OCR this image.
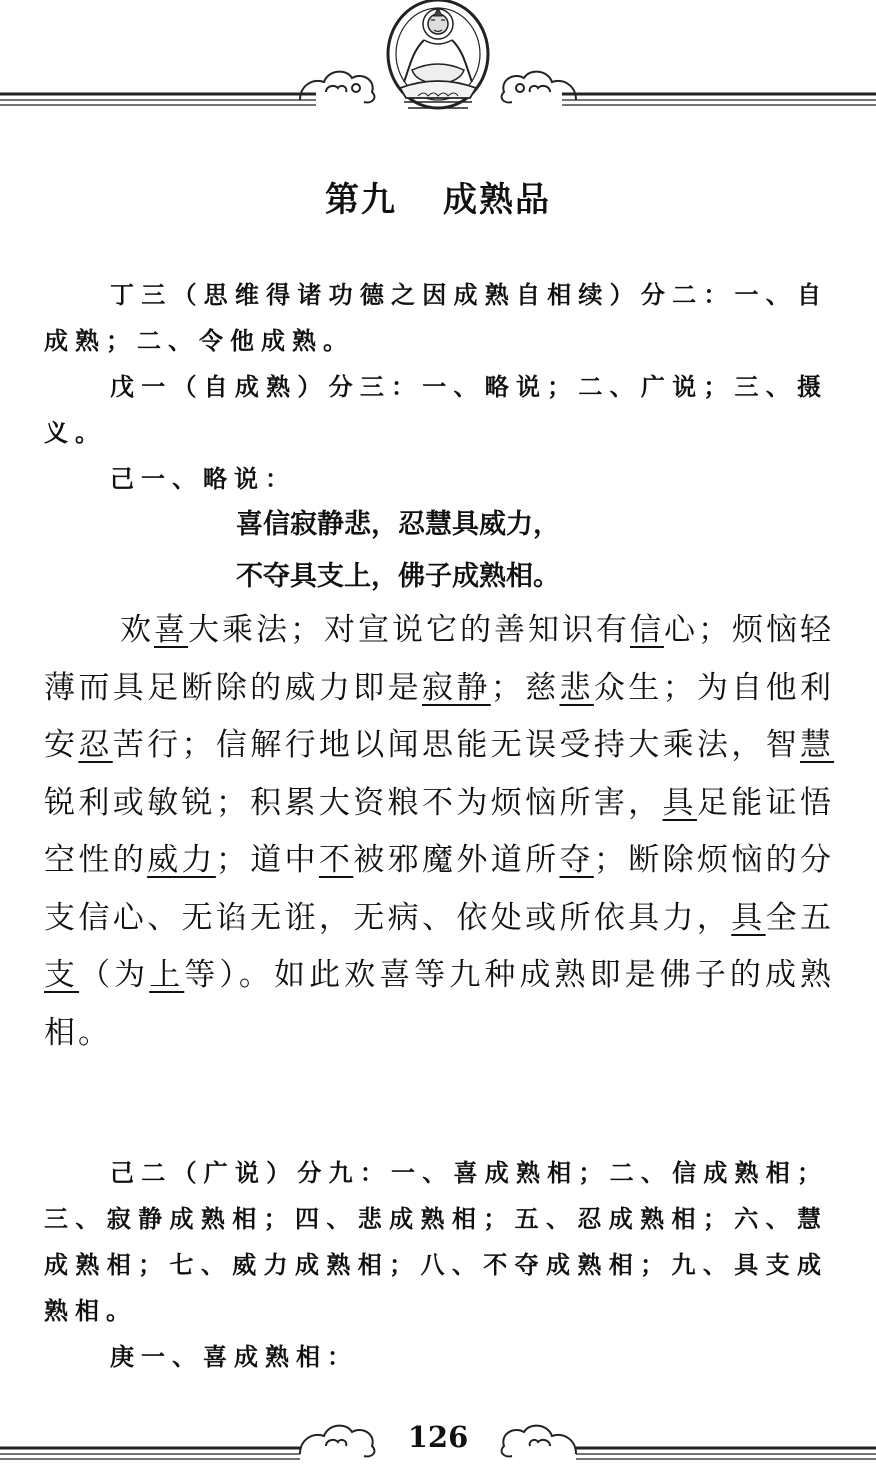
第九 成熟品
丁三（思维得诸功德之因成熟自相续）分二：一、自成熟；二、令他成熟。
戊一（自成熟）分三：一、略说；二、广说；三、摄义。
己一、略说：
喜信寂静悲，忍慧具威力，
不夺具支上，佛子成熟相。
欢喜大乘法；对宣说它的善知识有信心；烦恼轻薄而具足断除的威力即是寂静；慈悲众生；为自他利安忍苦行；信解行地以闻思能无误受持大乘法，智慧锐利或敏锐；积累大资粮不为烦恼所害，具足能证悟空性的威力；道中不被邪魔外道所夺；断除烦恼的分支信心、无谄无诳，无病、依处或所依具力，具全五支（为上等）。如此欢喜等九种成熟即是佛子的成熟相。
己二（广说）分九：一、喜成熟相；二、信成熟相；三、寂静成熟相；四、悲成熟相；五、忍成熟相；六、慧成熟相；七、威力成熟相；八、不夺成熟相；九、具支成熟相。
庚一、喜成熟相：
126
